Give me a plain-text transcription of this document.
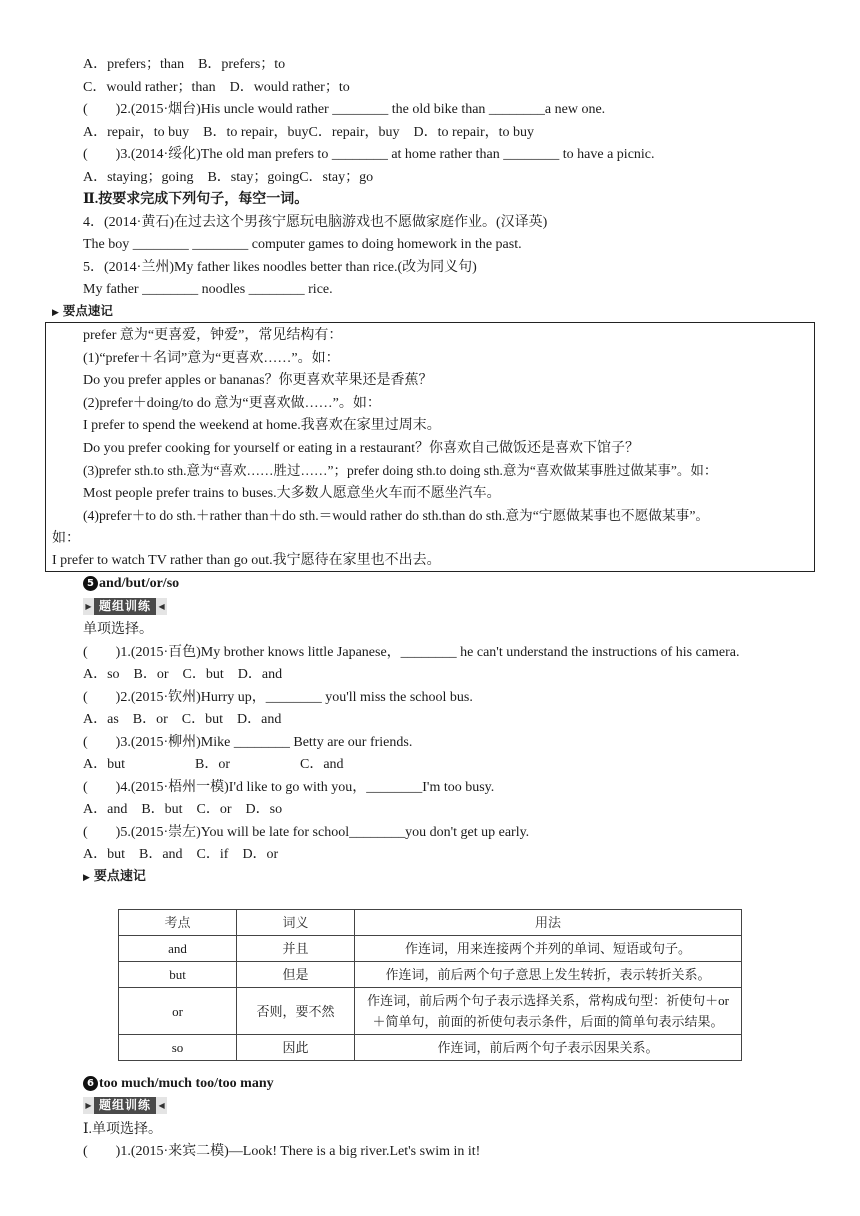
A．prefers；than　B．prefers；to
C．would rather；than　D．would rather；to
(　　)2.(2015·烟台)His uncle would rather ________ the old bike than ________a new one.
A．repair，to buy　B．to repair，buyC．repair，buy　D．to repair，to buy
(　　)3.(2014·绥化)The old man prefers to ________ at home rather than ________ to have a picnic.
A．staying；going　B．stay；goingC．stay；go
Ⅱ.按要求完成下列句子，每空一词。
4．(2014·黄石)在过去这个男孩宁愿玩电脑游戏也不愿做家庭作业。(汉译英)
The boy ________ ________ computer games to doing homework in the past.
5．(2014·兰州)My father likes noodles better than rice.(改为同义句)
My father ________ noodles ________ rice.
▶ 要点速记
prefer 意为“更喜爱，钟爱”，常见结构有：
(1)“prefer＋名词”意为“更喜欢……”。如：
Do you prefer apples or bananas？你更喜欢苹果还是香蕉？
(2)prefer＋doing/to do 意为“更喜欢做……”。如：
I prefer to spend the weekend at home.我喜欢在家里过周末。
Do you prefer cooking for yourself or eating in a restaurant？你喜欢自己做饭还是喜欢下馆子？
(3)prefer sth.to sth.意为“喜欢……胜过……”；prefer doing sth.to doing sth.意为“喜欢做某事胜过做某事”。如：
Most people prefer trains to buses.大多数人愿意坐火车而不愿坐汽车。
(4)prefer＋to do sth.＋rather than＋do sth.＝would rather do sth.than do sth.意为“宁愿做某事也不愿做某事”。
如：
I prefer to watch TV rather than go out.我宁愿待在家里也不出去。
5 and/but/or/so
▶ 题组训练 ◀
单项选择。
(　　)1.(2015·百色)My brother knows little Japanese，________ he can't understand the instructions of his camera.
A．so　B．or　C．but　D．and
(　　)2.(2015·钦州)Hurry up，________ you'll miss the school bus.
A．as　B．or　C．but　D．and
(　　)3.(2015·柳州)Mike ________ Betty are our friends.
A．but　　　　　B．or　　　　　C．and
(　　)4.(2015·梧州一模)I'd like to go with you，________I'm too busy.
A．and　B．but　C．or　D．so
(　　)5.(2015·崇左)You will be late for school________you don't get up early.
A．but　B．and　C．if　D．or
▶ 要点速记
考点	词义	用法
and	并且	作连词，用来连接两个并列的单词、短语或句子。
but	但是	作连词，前后两个句子意思上发生转折，表示转折关系。
or	否则，要不然	作连词，前后两个句子表示选择关系，常构成句型：祈使句＋or＋简单句，前面的祈使句表示条件，后面的简单句表示结果。
so	因此	作连词，前后两个句子表示因果关系。
6 too much/much too/too many
▶ 题组训练 ◀
Ⅰ.单项选择。
(　　)1.(2015·来宾二模)—Look! There is a big river.Let's swim in it!
